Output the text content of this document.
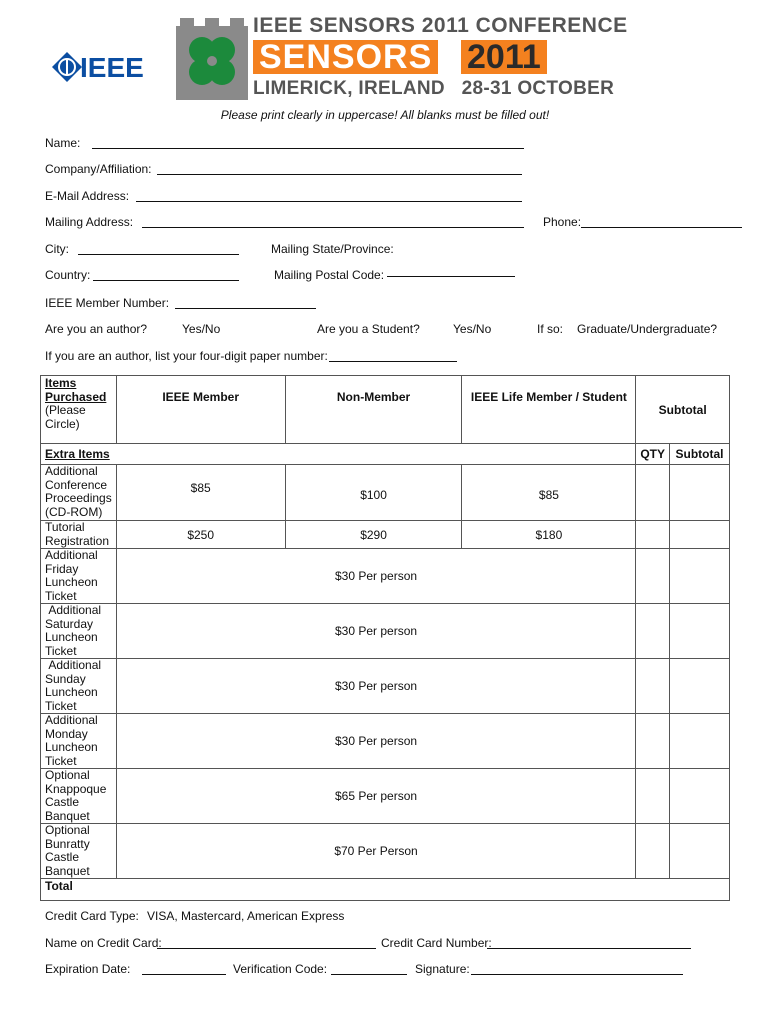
IEEE
IEEE SENSORS 2011 CONFERENCE
SENSORS 2011
LIMERICK, IRELAND   28-31 OCTOBER
Please print clearly in uppercase! All blanks must be filled out!
Name:
Company/Affiliation:
E-Mail Address:
Mailing Address:	Phone:
City:	Mailing State/Province:
Country:	Mailing Postal Code:
IEEE Member Number:
Are you an author?	Yes/No	Are you a Student?	Yes/No	If so: Graduate/Undergraduate?
If you are an author, list your four-digit paper number:
Items Purchased
(Please Circle)	IEEE Member	Non-Member	IEEE Life Member / Student	Subtotal	
Extra Items				QTY	Subtotal
Additional Conference Proceedings (CD-ROM)	$85	$100	$85		
Tutorial Registration	$250	$290	$180		
Additional Friday Luncheon Ticket	$30 Per person				
Additional Saturday Luncheon Ticket	$30 Per person				
Additional Sunday Luncheon Ticket	$30 Per person				
Additional Monday Luncheon Ticket	$30 Per person				
Optional Knappoque Castle Banquet	$65 Per person				
Optional Bunratty Castle Banquet	$70 Per Person				
Total					
Credit Card Type: VISA, Mastercard, American Express
Name on Credit Card:	Credit Card Number:
Expiration Date:	Verification Code:	Signature:
